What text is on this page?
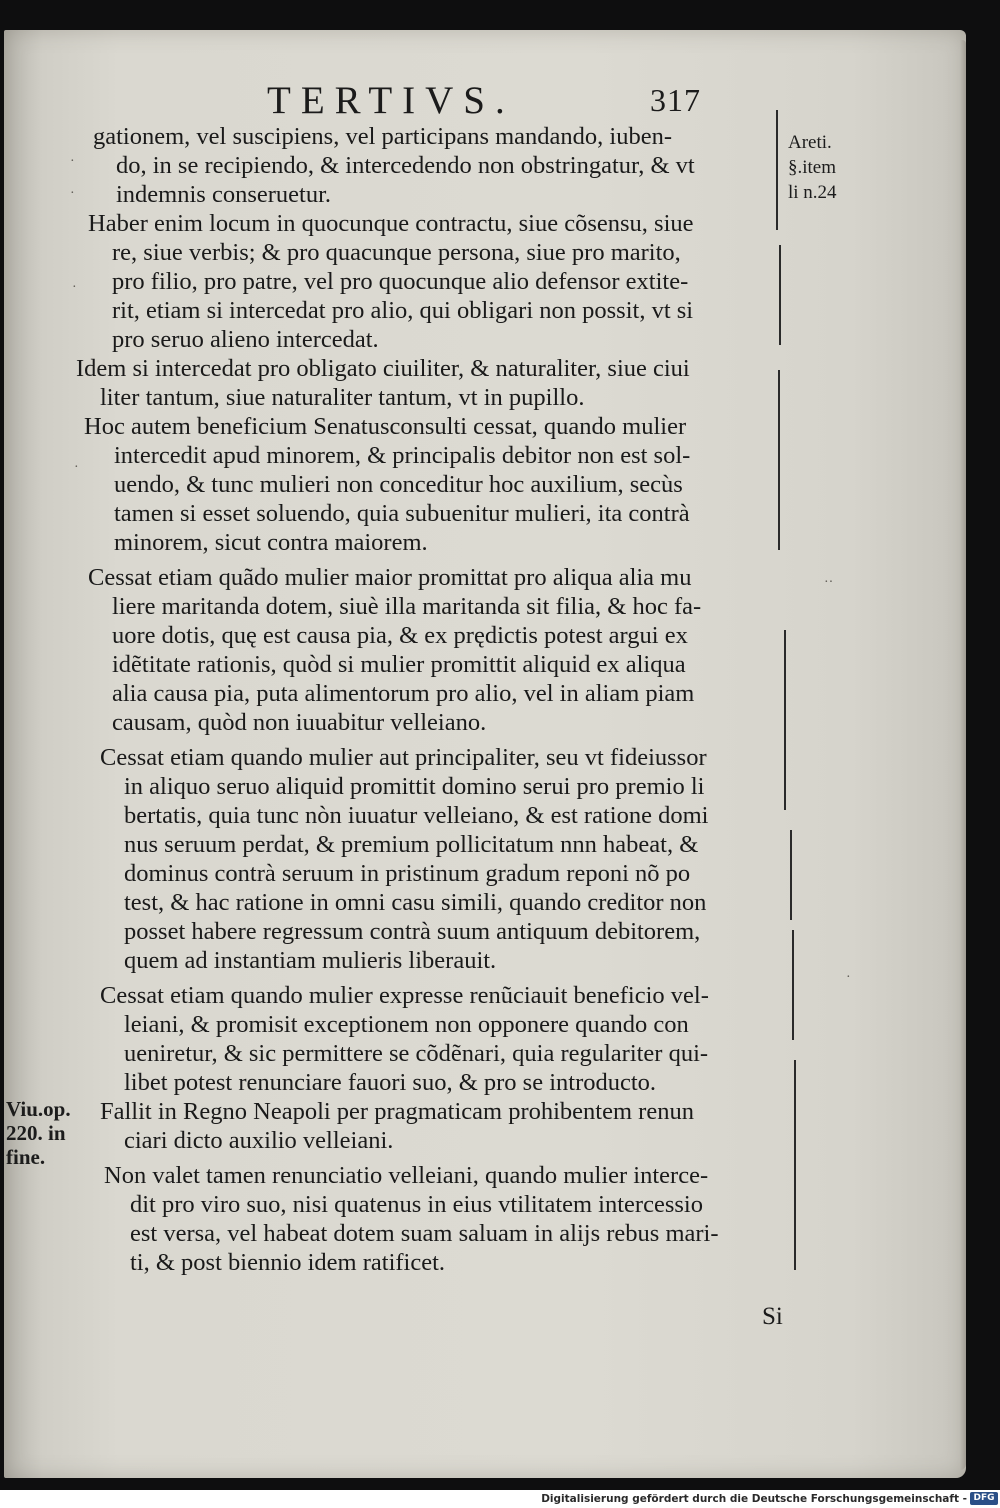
TERTIVS.	317
gationem, vel suscipiens, vel participans mandando, iuben-
do, in se recipiendo, & intercedendo non obstringatur, & vt
indemnis conseruetur.
Haber enim locum in quocunque contractu, siue cõsensu, siue
re, siue verbis; & pro quacunque persona, siue pro marito,
pro filio, pro patre, vel pro quocunque alio defensor extite-
rit, etiam si intercedat pro alio, qui obligari non possit, vt si
pro seruo alieno intercedat.
Idem si intercedat pro obligato ciuiliter, & naturaliter, siue ciui
liter tantum, siue naturaliter tantum, vt in pupillo.
Hoc autem beneficium Senatusconsulti cessat, quando mulier
intercedit apud minorem, & principalis debitor non est sol-
uendo, & tunc mulieri non conceditur hoc auxilium, secùs
tamen si esset soluendo, quia subuenitur mulieri, ita contrà
minorem, sicut contra maiorem.
Cessat etiam quãdo mulier maior promittat pro aliqua alia mu
liere maritanda dotem, siuè illa maritanda sit filia, & hoc fa-
uore dotis, quę est causa pia, & ex prędictis potest argui ex
idẽtitate rationis, quòd si mulier promittit aliquid ex aliqua
alia causa pia, puta alimentorum pro alio, vel in aliam piam
causam, quòd non iuuabitur velleiano.
Cessat etiam quando mulier aut principaliter, seu vt fideiussor
in aliquo seruo aliquid promittit domino serui pro premio li
bertatis, quia tunc nòn iuuatur velleiano, & est ratione domi
nus seruum perdat, & premium pollicitatum nnn habeat, &
dominus contrà seruum in pristinum gradum reponi nõ po
test, & hac ratione in omni casu simili, quando creditor non
posset habere regressum contrà suum antiquum debitorem,
quem ad instantiam mulieris liberauit.
Cessat etiam quando mulier expresse renũciauit beneficio vel-
leiani, & promisit exceptionem non opponere quando con
ueniretur, & sic permittere se cõdẽnari, quia regulariter qui-
libet potest renunciare fauori suo, & pro se introducto.
Fallit in Regno Neapoli per pragmaticam prohibentem renun
ciari dicto auxilio velleiani.
Non valet tamen renunciatio velleiani, quando mulier interce-
dit pro viro suo, nisi quatenus in eius vtilitatem intercessio
est versa, vel habeat dotem suam saluam in alijs rebus mari-
ti, & post biennio idem ratificet.
Areti.
§.item
li n.24
Viu.op.
220. in
fine.
Si
·
·
·
·
··
·
Digitalisierung gefördert durch die Deutsche Forschungsgemeinschaft - DFG
